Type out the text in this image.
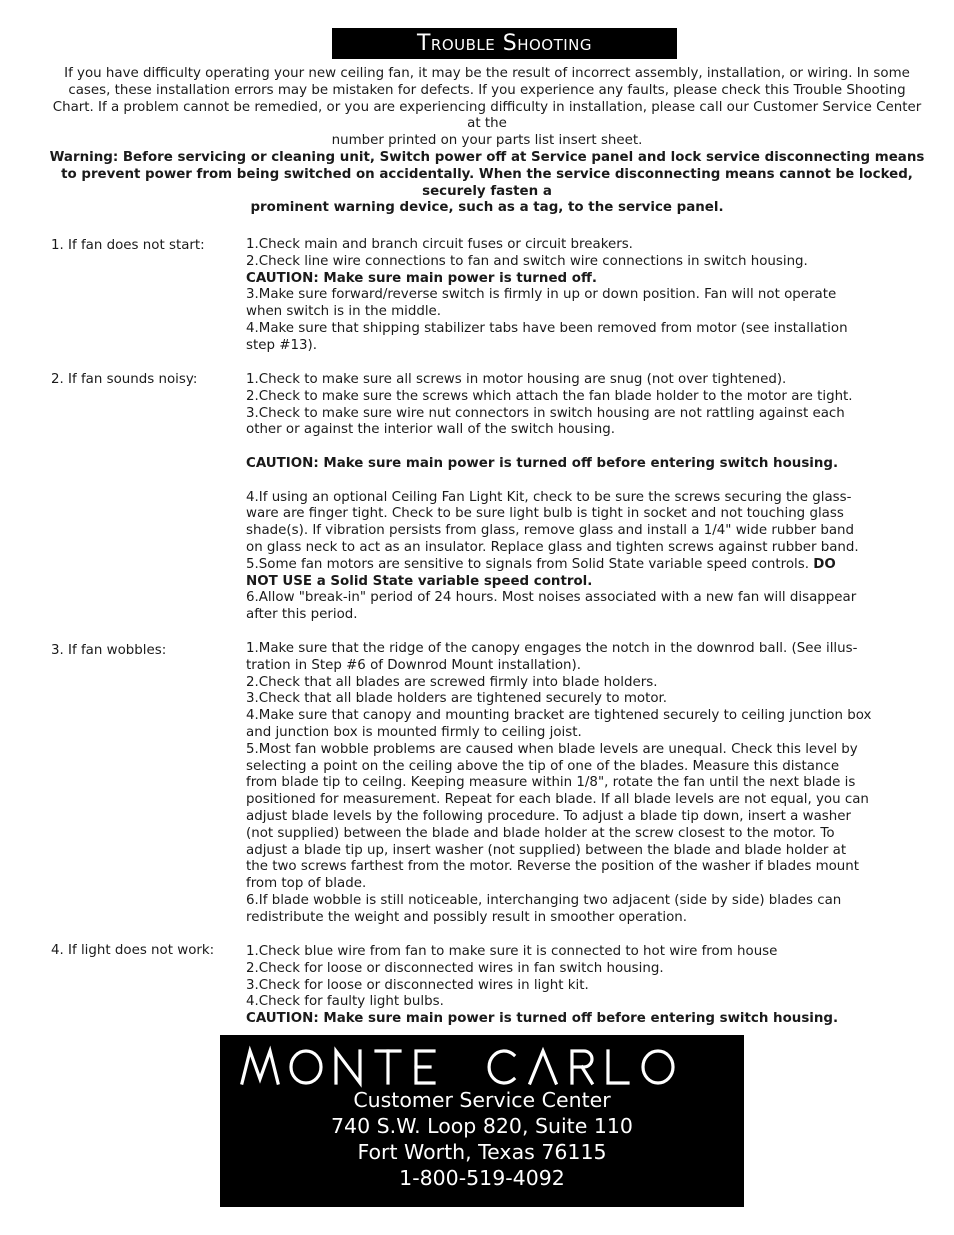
Trouble Shooting

If you have difficulty operating your new ceiling fan, it may be the result of incorrect assembly, installation, or wiring. In some cases, these installation errors may be mistaken for defects. If you experience any faults, please check this Trouble Shooting Chart. If a problem cannot be remedied, or you are experiencing difficulty in installation, please call our Customer Service Center at the

number printed on your parts list insert sheet.

Warning: Before servicing or cleaning unit, Switch power off at Service panel and lock service disconnecting means to prevent power from being switched on accidentally. When the service disconnecting means cannot be locked, securely fasten a

prominent warning device, such as a tag, to the service panel.

1. If fan does not start:	1.Check main and branch circuit fuses or circuit breakers.
2.Check line wire connections to fan and switch wire connections in switch housing.
CAUTION: Make sure main power is turned off.
3.Make sure forward/reverse switch is firmly in up or down position. Fan will not operate
when switch is in the middle.
4.Make sure that shipping stabilizer tabs have been removed from motor (see installation
step #13).
2. If fan sounds noisy:	1.Check to make sure all screws in motor housing are snug (not over tightened).
2.Check to make sure the screws which attach the fan blade holder to the motor are tight.
3.Check to make sure wire nut connectors in switch housing are not rattling against each
other or against the interior wall of the switch housing.
CAUTION: Make sure main power is turned off before entering switch housing.
4.If using an optional Ceiling Fan Light Kit, check to be sure the screws securing the glass-
ware are finger tight. Check to be sure light bulb is tight in socket and not touching glass
shade(s). If vibration persists from glass, remove glass and install a 1/4" wide rubber band
on glass neck to act as an insulator. Replace glass and tighten screws against rubber band.
5.Some fan motors are sensitive to signals from Solid State variable speed controls. DO
NOT USE a Solid State variable speed control.
6.Allow "break-in" period of 24 hours. Most noises associated with a new fan will disappear
after this period.
3. If fan wobbles:	1.Make sure that the ridge of the canopy engages the notch in the downrod ball. (See illus-
tration in Step #6 of Downrod Mount installation).
2.Check that all blades are screwed firmly into blade holders.
3.Check that all blade holders are tightened securely to motor.
4.Make sure that canopy and mounting bracket are tightened securely to ceiling junction box
and junction box is mounted firmly to ceiling joist.
5.Most fan wobble problems are caused when blade levels are unequal. Check this level by
selecting a point on the ceiling above the tip of one of the blades. Measure this distance
from blade tip to ceilng. Keeping measure within 1/8", rotate the fan until the next blade is
positioned for measurement. Repeat for each blade. If all blade levels are not equal, you can
adjust blade levels by the following procedure. To adjust a blade tip down, insert a washer
(not supplied) between the blade and blade holder at the screw closest to the motor. To
adjust a blade tip up, insert washer (not supplied) between the blade and blade holder at
the two screws farthest from the motor. Reverse the position of the washer if blades mount
from top of blade.
6.If blade wobble is still noticeable, interchanging two adjacent (side by side) blades can
redistribute the weight and possibly result in smoother operation.
4. If light does not work: 1.Check blue wire from fan to make sure it is connected to hot wire from house
2.Check for loose or disconnected wires in fan switch housing.
3.Check for loose or disconnected wires in light kit.
4.Check for faulty light bulbs.
CAUTION: Make sure main power is turned off before entering switch housing.
Customer Service Center
740 S.W. Loop 820, Suite 110
Fort Worth, Texas 76115
1-800-519-4092
